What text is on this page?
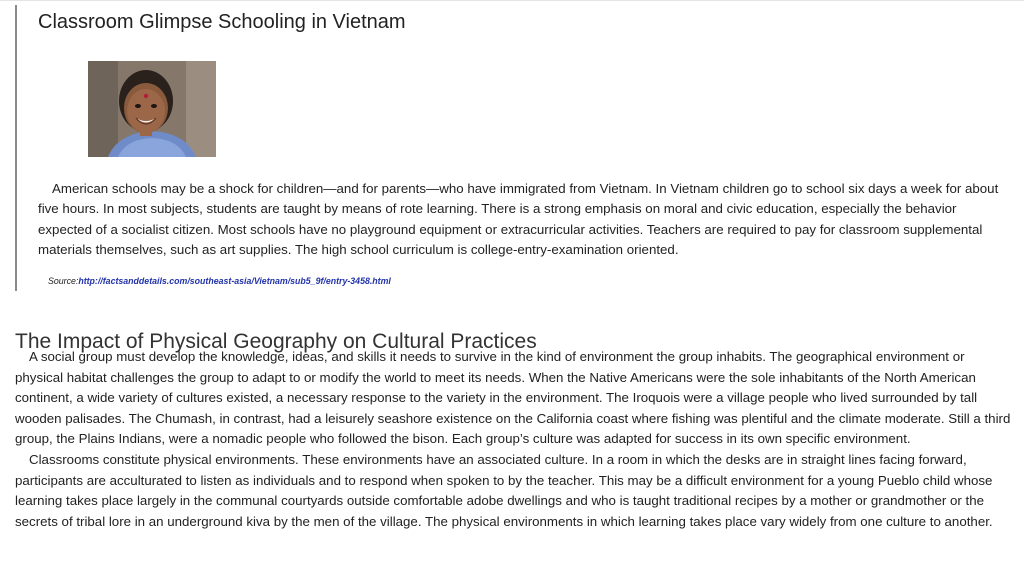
Classroom Glimpse Schooling in Vietnam

American schools may be a shock for children—and for parents—who have immigrated from Vietnam. In Vietnam children go to school six days a week for about five hours. In most subjects, students are taught by means of rote learning. There is a strong emphasis on moral and civic education, especially the behavior expected of a socialist citizen. Most schools have no playground equipment or extracurricular activities. Teachers are required to pay for classroom supplemental materials themselves, such as art supplies. The high school curriculum is college-entry-examination oriented.

Source:http://factsanddetails.com/southeast-asia/Vietnam/sub5_9f/entry-3458.html
The Impact of Physical Geography on Cultural Practices

A social group must develop the knowledge, ideas, and skills it needs to survive in the kind of environment the group inhabits. The geographical environment or physical habitat challenges the group to adapt to or modify the world to meet its needs. When the Native Americans were the sole inhabitants of the North American continent, a wide variety of cultures existed, a necessary response to the variety in the environment. The Iroquois were a village people who lived surrounded by tall wooden palisades. The Chumash, in contrast, had a leisurely seashore existence on the California coast where fishing was plentiful and the climate moderate. Still a third group, the Plains Indians, were a nomadic people who followed the bison. Each group’s culture was adapted for success in its own specific environment.

Classrooms constitute physical environments. These environments have an associated culture. In a room in which the desks are in straight lines facing forward, participants are acculturated to listen as individuals and to respond when spoken to by the teacher. This may be a difficult environment for a young Pueblo child whose learning takes place largely in the communal courtyards outside comfortable adobe dwellings and who is taught traditional recipes by a mother or grandmother or the secrets of tribal lore in an underground kiva by the men of the village. The physical environments in which learning takes place vary widely from one culture to another.
